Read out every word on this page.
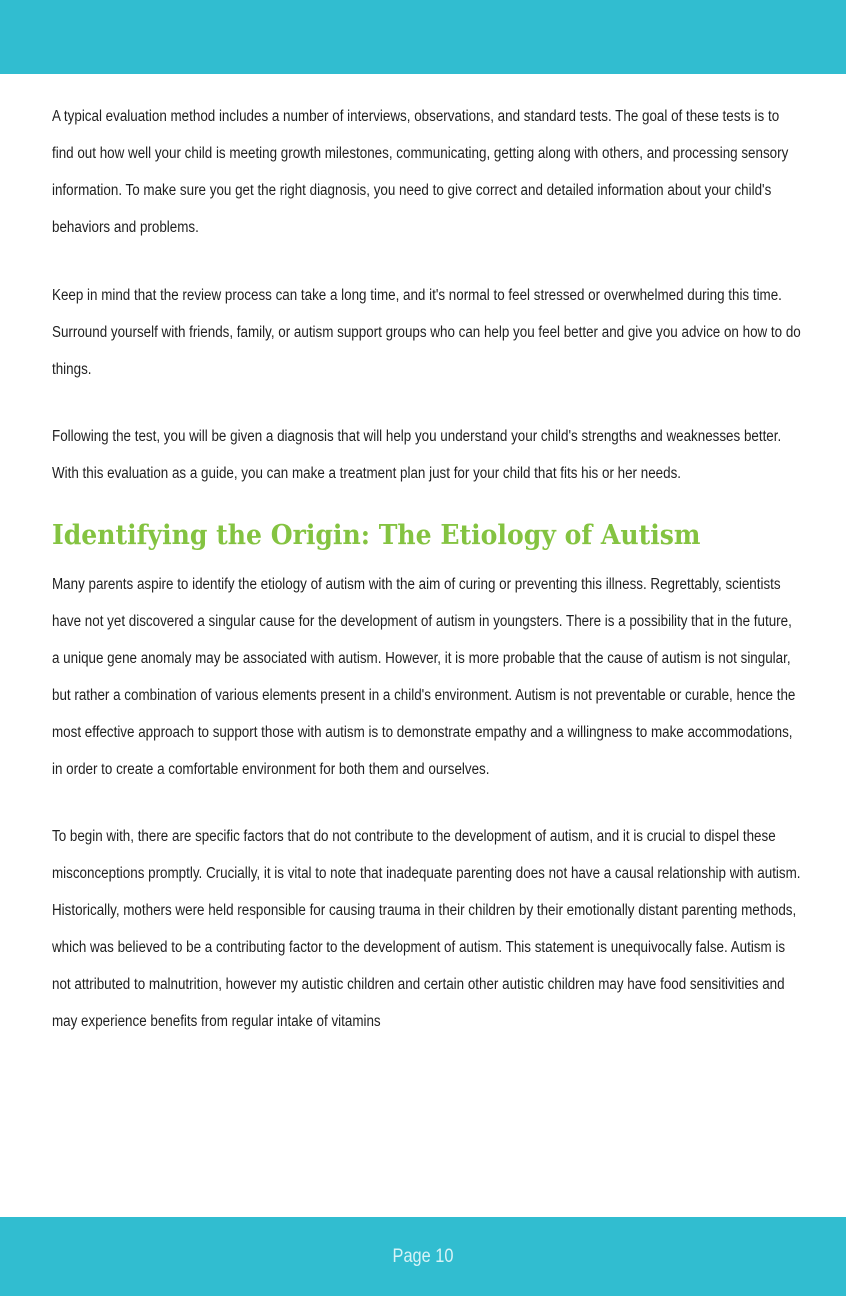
A typical evaluation method includes a number of interviews, observations, and standard tests. The goal of these tests is to find out how well your child is meeting growth milestones, communicating, getting along with others, and processing sensory information. To make sure you get the right diagnosis, you need to give correct and detailed information about your child's behaviors and problems.

Keep in mind that the review process can take a long time, and it's normal to feel stressed or overwhelmed during this time. Surround yourself with friends, family, or autism support groups who can help you feel better and give you advice on how to do things.

Following the test, you will be given a diagnosis that will help you understand your child's strengths and weaknesses better. With this evaluation as a guide, you can make a treatment plan just for your child that fits his or her needs.

Identifying the Origin: The Etiology of Autism

Many parents aspire to identify the etiology of autism with the aim of curing or preventing this illness. Regrettably, scientists have not yet discovered a singular cause for the development of autism in youngsters. There is a possibility that in the future, a unique gene anomaly may be associated with autism. However, it is more probable that the cause of autism is not singular, but rather a combination of various elements present in a child's environment. Autism is not preventable or curable, hence the most effective approach to support those with autism is to demonstrate empathy and a willingness to make accommodations, in order to create a comfortable environment for both them and ourselves.

To begin with, there are specific factors that do not contribute to the development of autism, and it is crucial to dispel these misconceptions promptly. Crucially, it is vital to note that inadequate parenting does not have a causal relationship with autism. Historically, mothers were held responsible for causing trauma in their children by their emotionally distant parenting methods, which was believed to be a contributing factor to the development of autism. This statement is unequivocally false. Autism is not attributed to malnutrition, however my autistic children and certain other autistic children may have food sensitivities and may experience benefits from regular intake of vitamins

Page 10
